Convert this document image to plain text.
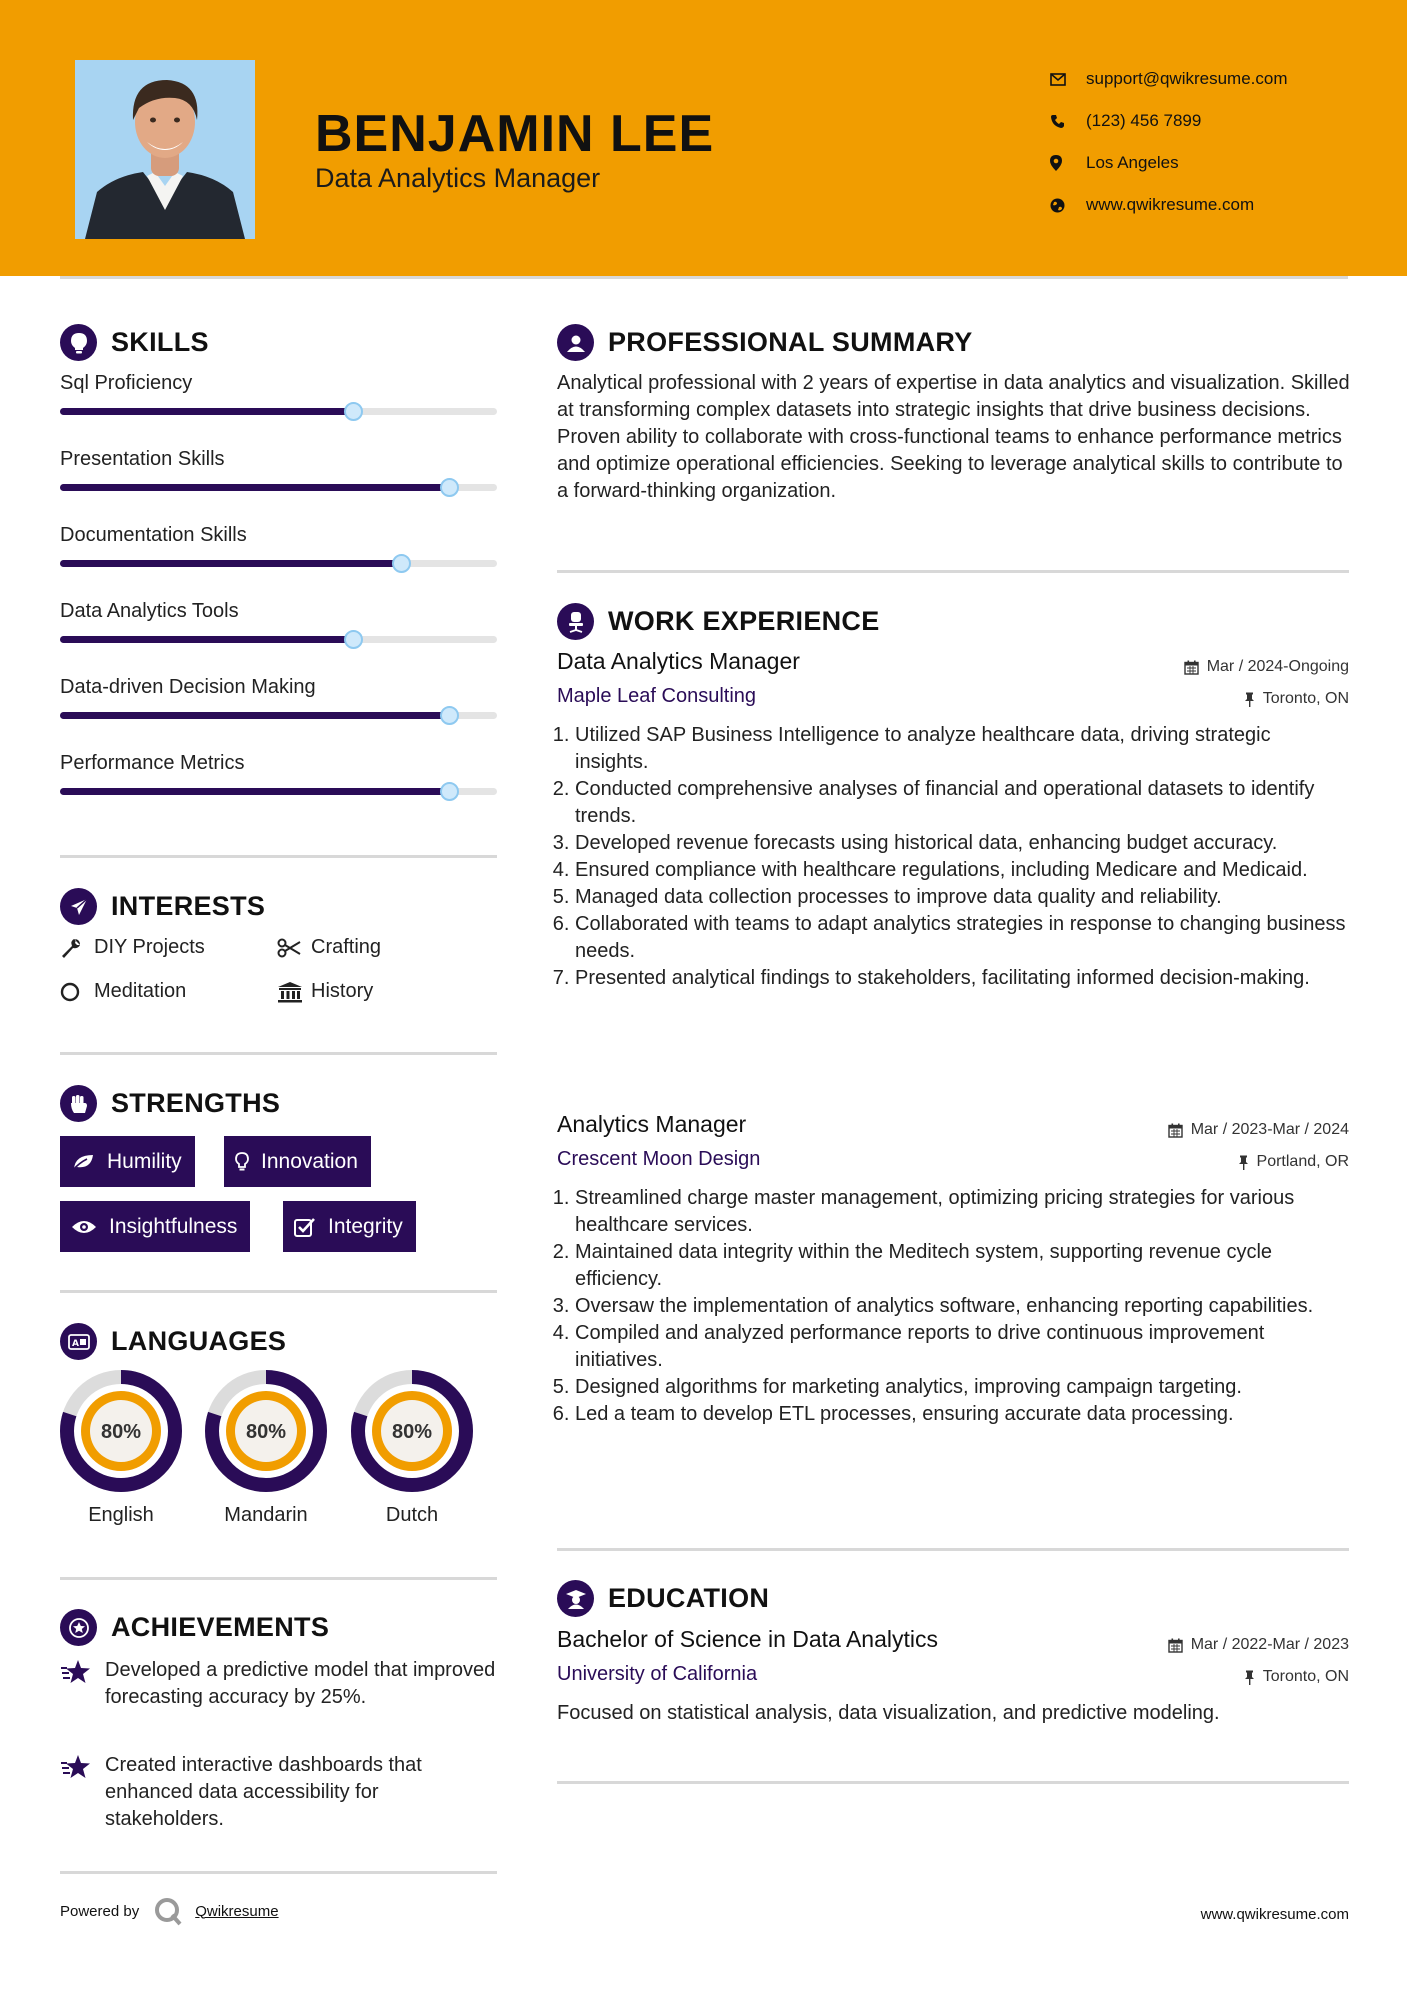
BENJAMIN LEE
Data Analytics Manager
support@qwikresume.com
(123) 456 7899
Los Angeles
www.qwikresume.com
SKILLS
Sql Proficiency
Presentation Skills
Documentation Skills
Data Analytics Tools
Data-driven Decision Making
Performance Metrics
INTERESTS
DIY Projects	Crafting
Meditation	History
STRENGTHS
Humility	Innovation
Insightfulness	Integrity
A LANGUAGES
80%
English
80%
Mandarin
80%
Dutch
ACHIEVEMENTS
Developed a predictive model that improved forecasting accuracy by 25%.
Created interactive dashboards that enhanced data accessibility for stakeholders.
PROFESSIONAL SUMMARY
Analytical professional with 2 years of expertise in data analytics and visualization. Skilled at transforming complex datasets into strategic insights that drive business decisions. Proven ability to collaborate with cross-functional teams to enhance performance metrics and optimize operational efficiencies. Seeking to leverage analytical skills to contribute to a forward-thinking organization.
WORK EXPERIENCE
Data Analytics Manager	Mar / 2024-Ongoing
Maple Leaf Consulting	Toronto, ON
1. Utilized SAP Business Intelligence to analyze healthcare data, driving strategic insights.
2. Conducted comprehensive analyses of financial and operational datasets to identify trends.
3. Developed revenue forecasts using historical data, enhancing budget accuracy.
4. Ensured compliance with healthcare regulations, including Medicare and Medicaid.
5. Managed data collection processes to improve data quality and reliability.
6. Collaborated with teams to adapt analytics strategies in response to changing business needs.
7. Presented analytical findings to stakeholders, facilitating informed decision-making.
Analytics Manager	Mar / 2023-Mar / 2024
Crescent Moon Design	Portland, OR
1. Streamlined charge master management, optimizing pricing strategies for various healthcare services.
2. Maintained data integrity within the Meditech system, supporting revenue cycle efficiency.
3. Oversaw the implementation of analytics software, enhancing reporting capabilities.
4. Compiled and analyzed performance reports to drive continuous improvement initiatives.
5. Designed algorithms for marketing analytics, improving campaign targeting.
6. Led a team to develop ETL processes, ensuring accurate data processing.
EDUCATION
Bachelor of Science in Data Analytics	Mar / 2022-Mar / 2023
University of California	Toronto, ON
Focused on statistical analysis, data visualization, and predictive modeling.
Powered by	Qwikresume	www.qwikresume.com
